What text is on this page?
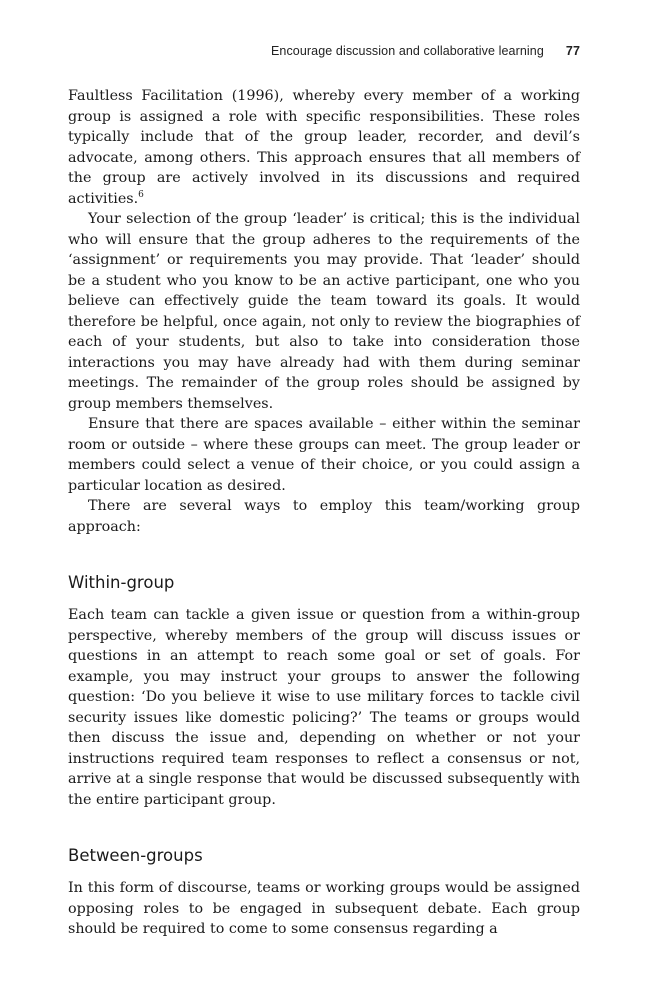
Encourage discussion and collaborative learning 77

Faultless Facilitation (1996), whereby every member of a working group is assigned a role with specific responsibilities. These roles typically include that of the group leader, recorder, and devil’s advocate, among others. This approach ensures that all members of the group are actively involved in its discussions and required activities.$^6$

Your selection of the group ‘leader’ is critical; this is the individual who will ensure that the group adheres to the requirements of the ‘assignment’ or requirements you may provide. That ‘leader’ should be a student who you know to be an active participant, one who you believe can effectively guide the team toward its goals. It would therefore be helpful, once again, not only to review the biographies of each of your students, but also to take into consideration those interactions you may have already had with them during seminar meetings. The remainder of the group roles should be assigned by group members themselves.

Ensure that there are spaces available – either within the seminar room or outside – where these groups can meet. The group leader or members could select a venue of their choice, or you could assign a particular location as desired.

There are several ways to employ this team/working group approach:

Within-group

Each team can tackle a given issue or question from a within-group perspective, whereby members of the group will discuss issues or questions in an attempt to reach some goal or set of goals. For example, you may instruct your groups to answer the following question: ‘Do you believe it wise to use military forces to tackle civil security issues like domestic policing?’ The teams or groups would then discuss the issue and, depending on whether or not your instructions required team responses to reflect a consensus or not, arrive at a single response that would be discussed subsequently with the entire participant group.

Between-groups

In this form of discourse, teams or working groups would be assigned opposing roles to be engaged in subsequent debate. Each group should be required to come to some consensus regarding a
